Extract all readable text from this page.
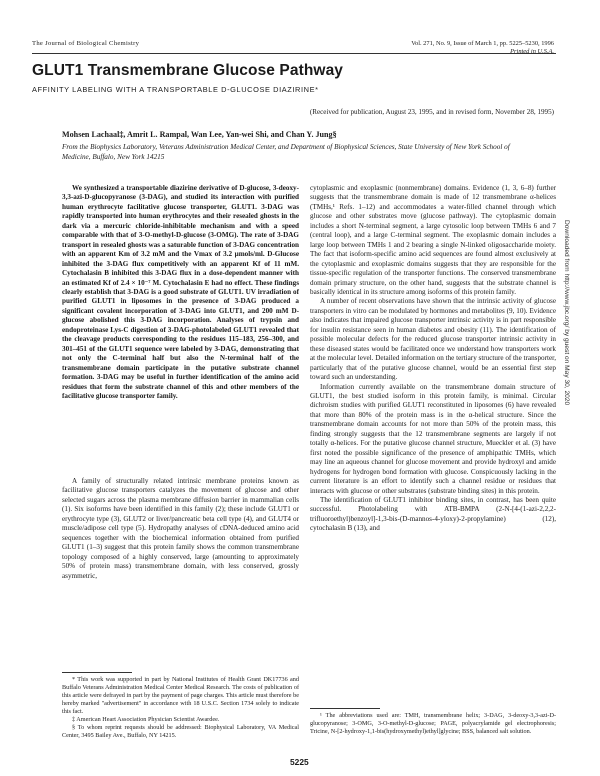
The Journal of Biological Chemistry	Vol. 271, No. 9, Issue of March 1, pp. 5225–5230, 1996
Printed in U.S.A.
GLUT1 Transmembrane Glucose Pathway
AFFINITY LABELING WITH A TRANSPORTABLE D-GLUCOSE DIAZIRINE*
(Received for publication, August 23, 1995, and in revised form, November 28, 1995)
Mohsen Lachaal‡, Amrit L. Rampal, Wan Lee, Yan-wei Shi, and Chan Y. Jung§
From the Biophysics Laboratory, Veterans Administration Medical Center, and Department of Biophysical Sciences, State University of New York School of Medicine, Buffalo, New York 14215

We synthesized a transportable diazirine derivative of D-glucose, 3-deoxy-3,3-azi-D-glucopyranose (3-DAG), and studied its interaction with purified human erythrocyte facilitative glucose transporter, GLUT1. 3-DAG was rapidly transported into human erythrocytes and their resealed ghosts in the dark via a mercuric chloride-inhibitable mechanism and with a speed comparable with that of 3-O-methyl-D-glucose (3-OMG). The rate of 3-DAG transport in resealed ghosts was a saturable function of 3-DAG concentration with an apparent Km of 3.2 mM and the Vmax of 3.2 μmols/ml. D-Glucose inhibited the 3-DAG flux competitively with an apparent Kf of 11 mM. Cytochalasin B inhibited this 3-DAG flux in a dose-dependent manner with an estimated Kf of 2.4 × 10⁻⁷ M. Cytochalasin E had no effect. These findings clearly establish that 3-DAG is a good substrate of GLUT1. UV irradiation of purified GLUT1 in liposomes in the presence of 3-DAG produced a significant covalent incorporation of 3-DAG into GLUT1, and 200 mM D-glucose abolished this 3-DAG incorporation. Analyses of trypsin and endoproteinase Lys-C digestion of 3-DAG-photolabeled GLUT1 revealed that the cleavage products corresponding to the residues 115–183, 256–300, and 301–451 of the GLUT1 sequence were labeled by 3-DAG, demonstrating that not only the C-terminal half but also the N-terminal half of the transmembrane domain participate in the putative substrate channel formation. 3-DAG may be useful in further identification of the amino acid residues that form the substrate channel of this and other members of the facilitative glucose transporter family.

A family of structurally related intrinsic membrane proteins known as facilitative glucose transporters catalyzes the movement of glucose and other selected sugars across the plasma membrane diffusion barrier in mammalian cells (1). Six isoforms have been identified in this family (2); these include GLUT1 or erythrocyte type (3), GLUT2 or liver/pancreatic beta cell type (4), and GLUT4 or muscle/adipose cell type (5). Hydropathy analyses of cDNA-deduced amino acid sequences together with the biochemical information obtained from purified GLUT1 (1–3) suggest that this protein family shows the common transmembrane topology composed of a highly conserved, large (amounting to approximately 50% of protein mass) transmembrane domain, with less conserved, grossly asymmetric,

cytoplasmic and exoplasmic (nonmembrane) domains. Evidence (1, 3, 6–8) further suggests that the transmembrane domain is made of 12 transmembrane α-helices (TMHs,¹ Refs. 1–12) and accommodates a water-filled channel through which glucose and other substrates move (glucose pathway). The cytoplasmic domain includes a short N-terminal segment, a large cytosolic loop between TMHs 6 and 7 (central loop), and a large C-terminal segment. The exoplasmic domain includes a large loop between TMHs 1 and 2 bearing a single N-linked oligosaccharide moiety. The fact that isoform-specific amino acid sequences are found almost exclusively at the cytoplasmic and exoplasmic domains suggests that they are responsible for the tissue-specific regulation of the transporter functions. The conserved transmembrane domain primary structure, on the other hand, suggests that the substrate channel is basically identical in its structure among isoforms of this protein family.

A number of recent observations have shown that the intrinsic activity of glucose transporters in vitro can be modulated by hormones and metabolites (9, 10). Evidence also indicates that impaired glucose transporter intrinsic activity is in part responsible for insulin resistance seen in human diabetes and obesity (11). The identification of possible molecular defects for the reduced glucose transporter intrinsic activity in these diseased states would be facilitated once we understand how transporters work at the molecular level. Detailed information on the tertiary structure of the transporter, particularly that of the putative glucose channel, would be an essential first step toward such an understanding.

Information currently available on the transmembrane domain structure of GLUT1, the best studied isoform in this protein family, is minimal. Circular dichroism studies with purified GLUT1 reconstituted in liposomes (6) have revealed that more than 80% of the protein mass is in the α-helical structure. Since the transmembrane domain accounts for not more than 50% of the protein mass, this finding strongly suggests that the 12 transmembrane segments are largely if not totally α-helices. For the putative glucose channel structure, Mueckler et al. (3) have first noted the possible significance of the presence of amphipathic TMHs, which may line an aqueous channel for glucose movement and provide hydroxyl and amide hydrogens for hydrogen bond formation with glucose. Conspicuously lacking in the current literature is an effort to identify such a channel residue or residues that interacts with glucose or other substrates (substrate binding sites) in this protein.

The identification of GLUT1 inhibitor binding sites, in contrast, has been quite successful. Photolabeling with ATB-BMPA (2-N-[4-(1-azi-2,2,2-trifluoroethyl)benzoyl]-1,3-bis-(D-mannos-4-yloxy)-2-propylamine) (12), cytochalasin B (13), and

* This work was supported in part by National Institutes of Health Grant DK17736 and Buffalo Veterans Administration Medical Center Medical Research. The costs of publication of this article were defrayed in part by the payment of page charges. This article must therefore be hereby marked "advertisement" in accordance with 18 U.S.C. Section 1734 solely to indicate this fact.

‡ American Heart Association Physician Scientist Awardee.

§ To whom reprint requests should be addressed: Biophysical Laboratory, VA Medical Center, 3495 Bailey Ave., Buffalo, NY 14215.

¹ The abbreviations used are: TMH, transmembrane helix; 3-DAG, 3-deoxy-3,3-azi-D-glucopyranose; 3-OMG, 3-O-methyl-D-glucose; PAGE, polyacrylamide gel electrophoresis; Tricine, N-[2-hydroxy-1,1-bis(hydroxymethyl)ethyl]glycine; BSS, balanced salt solution.

5225
Downloaded from http://www.jbc.org/ by guest on May 30, 2020
